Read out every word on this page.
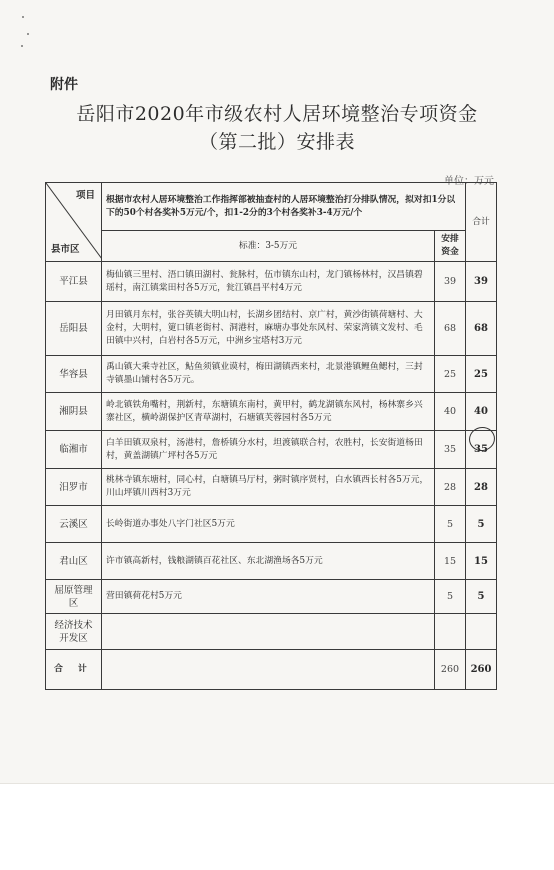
附件
岳阳市2020年市级农村人居环境整治专项资金
（第二批）安排表
单位：万元
项目
县市区	根据市农村人居环境整治工作指挥部被抽查村的人居环境整治打分排队情况，拟对扣1分以下的50个村各奖补5万元/个，扣1-2分的3个村各奖补3-4万元/个		合计
	标准：3-5万元	安排资金	
平江县	梅仙镇三里村、浯口镇田湖村、瓮脉村，伍市镇东山村，龙门镇杨林村，汉昌镇碧瑶村，南江镇棠田村各5万元，瓮江镇昌平村4万元	39	39
岳阳县	月田镇月东村，张谷英镇大明山村，长湖乡团结村、京广村，黄沙街镇荷塘村、大金村，大明村，筻口镇老街村、洞港村，麻塘办事处东风村、荣家湾镇文发村、毛田镇中兴村，白岩村各5万元，中洲乡宝塔村3万元	68	68
华容县	禹山镇大乘寺社区，鲇鱼须镇业谟村，梅田湖镇西来村，北景港镇鲤鱼鳃村，三封寺镇墨山铺村各5万元。	25	25
湘阴县	岭北镇铁角嘴村，荆新村，东塘镇东南村，黄甲村，鹤龙湖镇东风村，杨林寨乡兴寨社区，横岭湖保护区青草湖村，石塘镇芙蓉园村各5万元	40	40
临湘市	白羊田镇双泉村，汤港村，詹桥镇分水村，坦渡镇联合村，农胜村，长安街道杨田村，黄盖湖镇广坪村各5万元	35	35
汨罗市	桃林寺镇东塘村，同心村，白塘镇马厅村，粥时镇序贤村，白水镇西长村各5万元，川山坪镇川西村3万元	28	28
云溪区	长岭街道办事处八字门社区5万元	5	5
君山区	许市镇高新村，钱粮湖镇百花社区、东北湖渔场各5万元	15	15
屈原管理区	营田镇荷花村5万元	5	5
经济技术开发区			
合 计		260	260
